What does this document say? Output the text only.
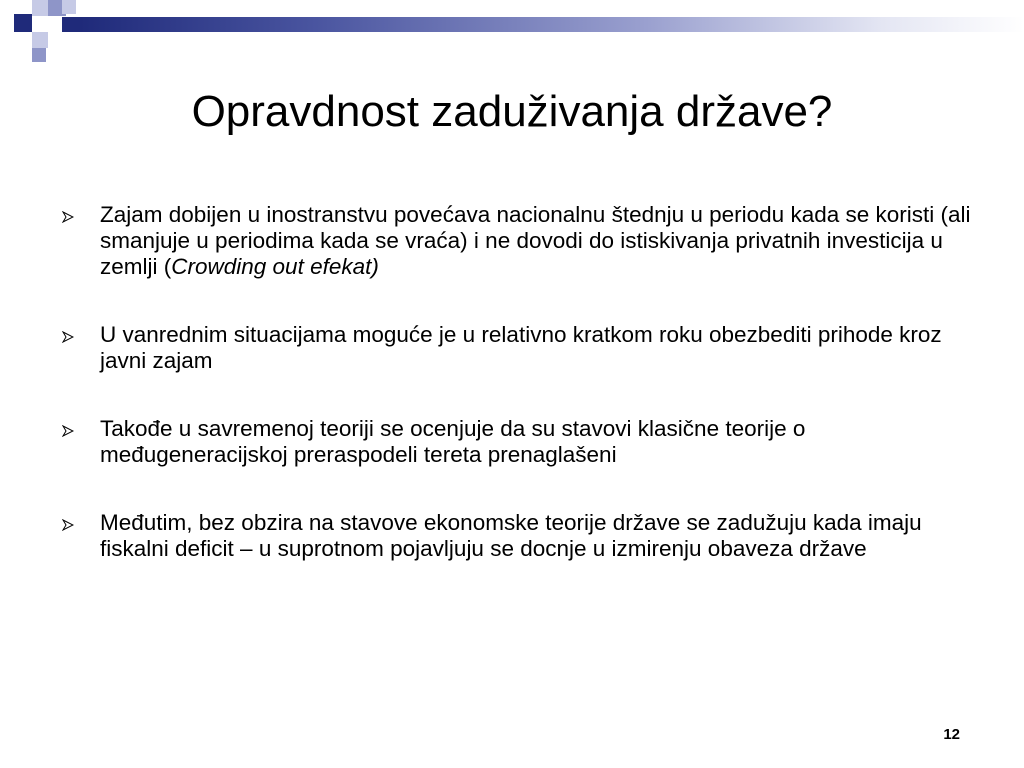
Opravdnost zaduživanja države?
Zajam dobijen u inostranstvu povećava nacionalnu štednju u periodu kada se koristi (ali smanjuje u periodima kada se vraća) i ne dovodi do istiskivanja privatnih investicija u zemlji (Crowding out efekat)
U vanrednim situacijama moguće je u relativno kratkom roku obezbediti prihode kroz javni zajam
Takođe u savremenoj teoriji se ocenjuje da su stavovi klasične teorije o međugeneracijskoj preraspodeli tereta prenaglašeni
Međutim, bez obzira na stavove ekonomske teorije države se zadužuju kada imaju fiskalni deficit – u suprotnom pojavljuju se docnje u izmirenju obaveza države
12
